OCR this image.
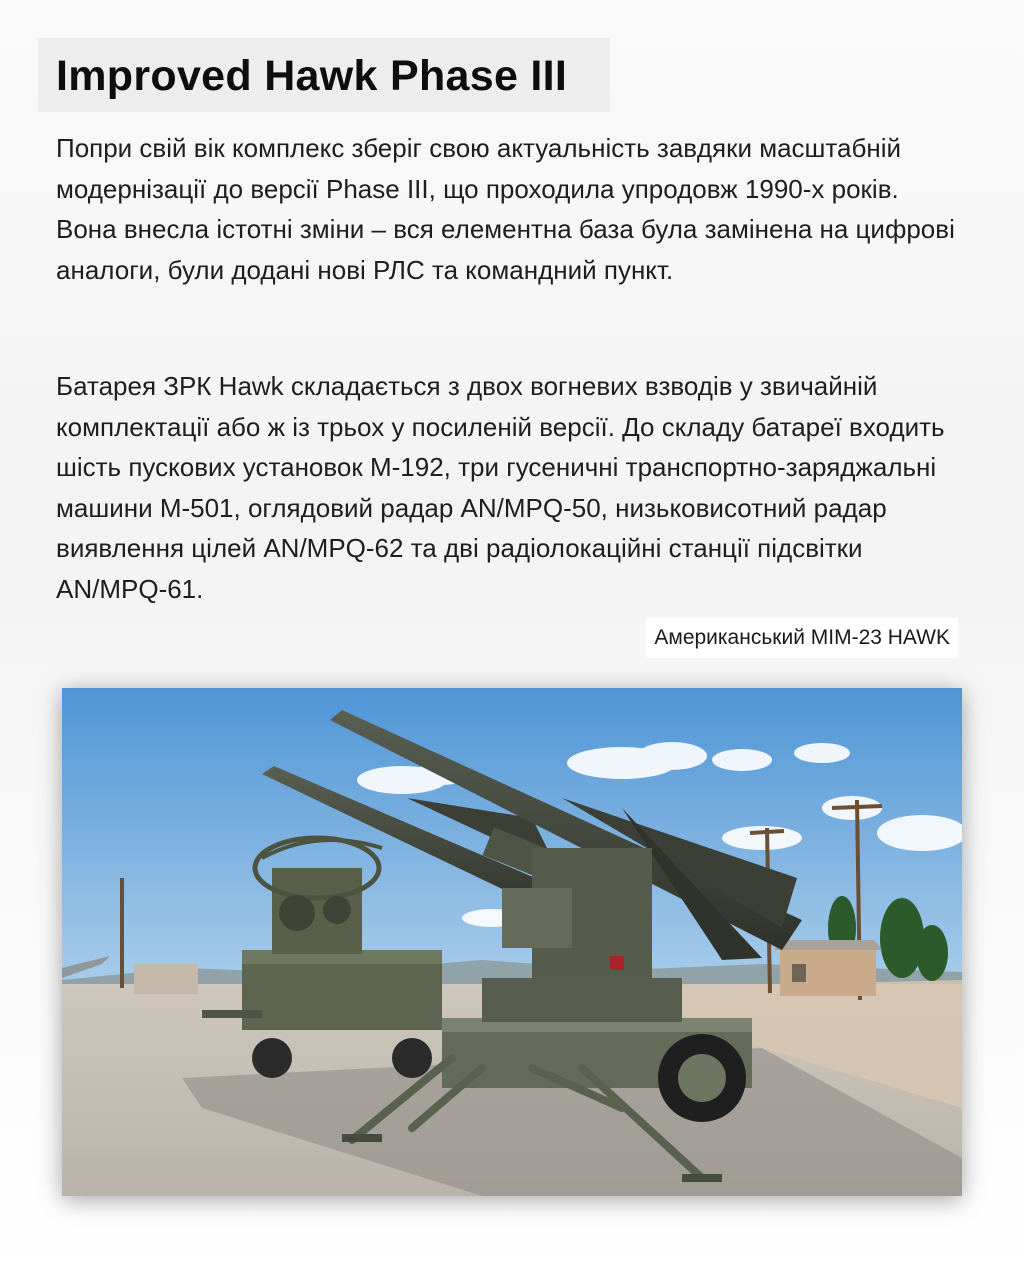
Improved Hawk Phase III
Попри свій вік комплекс зберіг свою актуальність завдяки масштабній модернізації до версії Phase III, що проходила упродовж 1990-х років. Вона внесла істотні зміни – вся елементна база була замінена на цифрові аналоги, були додані нові РЛС та командний пункт.
Батарея ЗРК Hawk складається з двох вогневих взводів у звичайній комплектації або ж із трьох у посиленій версії. До складу батареї входить шість пускових установок M-192, три гусеничні транспортно-заряджальні машини M-501, оглядовий радар AN/MPQ-50, низьковисотний радар виявлення цілей AN/MPQ-62 та дві радіолокаційні станції підсвітки AN/MPQ-61.
Американський MIM-23 HAWK
